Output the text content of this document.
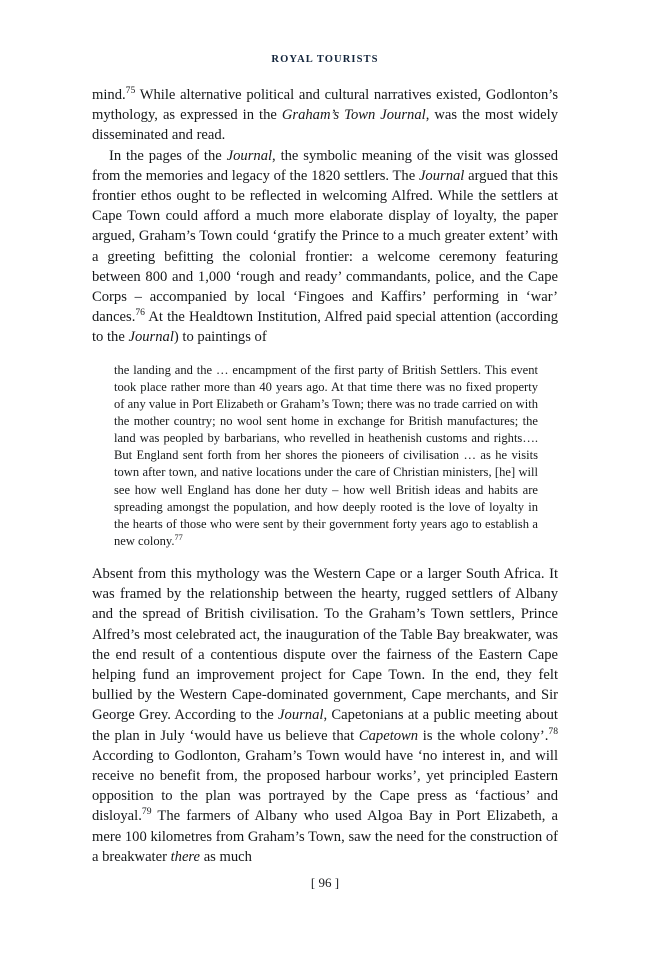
ROYAL TOURISTS

mind.$^{75}$ While alternative political and cultural narratives existed, Godlonton’s mythology, as expressed in the Graham’s Town Journal, was the most widely disseminated and read.

In the pages of the Journal, the symbolic meaning of the visit was glossed from the memories and legacy of the 1820 settlers. The Journal argued that this frontier ethos ought to be reflected in welcoming Alfred. While the settlers at Cape Town could afford a much more elaborate display of loyalty, the paper argued, Graham’s Town could ‘gratify the Prince to a much greater extent’ with a greeting befitting the colonial frontier: a welcome ceremony featuring between 800 and 1,000 ‘rough and ready’ commandants, police, and the Cape Corps – accompanied by local ‘Fingoes and Kaffirs’ performing in ‘war’ dances.$^{76}$ At the Healdtown Institution, Alfred paid special attention (according to the Journal) to paintings of

the landing and the … encampment of the first party of British Settlers. This event took place rather more than 40 years ago. At that time there was no fixed property of any value in Port Elizabeth or Graham’s Town; there was no trade carried on with the mother country; no wool sent home in exchange for British manufactures; the land was peopled by barbarians, who revelled in heathenish customs and rights…. But England sent forth from her shores the pioneers of civilisation … as he visits town after town, and native locations under the care of Christian ministers, [he] will see how well England has done her duty – how well British ideas and habits are spreading amongst the population, and how deeply rooted is the love of loyalty in the hearts of those who were sent by their government forty years ago to establish a new colony.$^{77}$

Absent from this mythology was the Western Cape or a larger South Africa. It was framed by the relationship between the hearty, rugged settlers of Albany and the spread of British civilisation. To the Graham’s Town settlers, Prince Alfred’s most celebrated act, the inauguration of the Table Bay breakwater, was the end result of a contentious dispute over the fairness of the Eastern Cape helping fund an improvement project for Cape Town. In the end, they felt bullied by the Western Cape-dominated government, Cape merchants, and Sir George Grey. According to the Journal, Capetonians at a public meeting about the plan in July ‘would have us believe that Capetown is the whole colony’.$^{78}$ According to Godlonton, Graham’s Town would have ‘no interest in, and will receive no benefit from, the proposed harbour works’, yet principled Eastern opposition to the plan was portrayed by the Cape press as ‘factious’ and disloyal.$^{79}$ The farmers of Albany who used Algoa Bay in Port Elizabeth, a mere 100 kilometres from Graham’s Town, saw the need for the construction of a breakwater there as much

[ 96 ]
